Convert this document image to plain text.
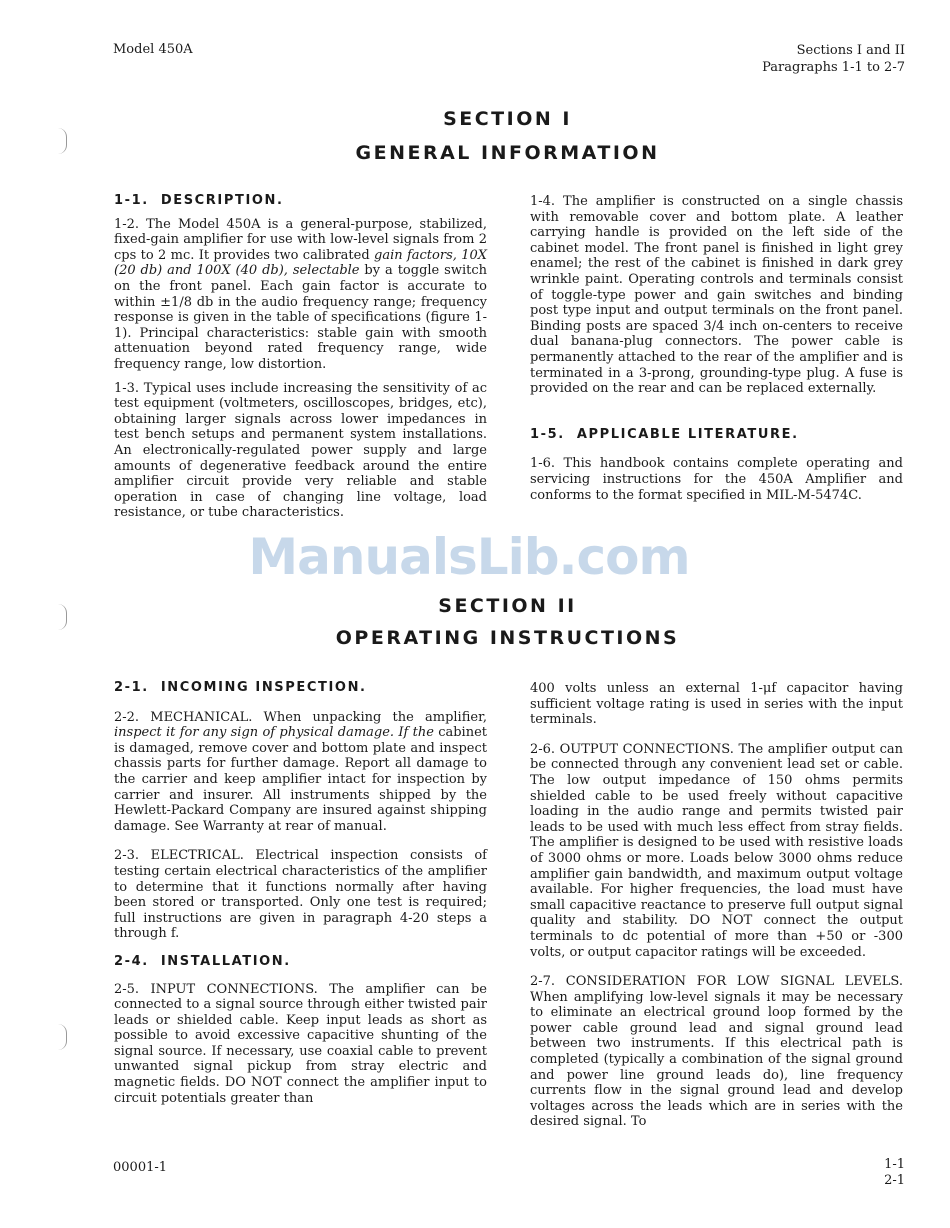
Model 450A	Sections I and II
Paragraphs 1-1 to 2-7
SECTION I
GENERAL INFORMATION
1-1. DESCRIPTION.

1-2. The Model 450A is a general-purpose, stabilized, fixed-gain amplifier for use with low-level signals from 2 cps to 2 mc. It provides two calibrated gain factors, 10X (20 db) and 100X (40 db), selectable by a toggle switch on the front panel. Each gain factor is accurate to within ±1/8 db in the audio frequency range; frequency response is given in the table of specifications (figure 1-1). Principal characteristics: stable gain with smooth attenuation beyond rated frequency range, wide frequency range, low distortion.

1-3. Typical uses include increasing the sensitivity of ac test equipment (voltmeters, oscilloscopes, bridges, etc), obtaining larger signals across lower impedances in test bench setups and permanent system installations. An electronically-regulated power supply and large amounts of degenerative feedback around the entire amplifier circuit provide very reliable and stable operation in case of changing line voltage, load resistance, or tube characteristics.

1-4. The amplifier is constructed on a single chassis with removable cover and bottom plate. A leather carrying handle is provided on the left side of the cabinet model. The front panel is finished in light grey enamel; the rest of the cabinet is finished in dark grey wrinkle paint. Operating controls and terminals consist of toggle-type power and gain switches and binding post type input and output terminals on the front panel. Binding posts are spaced 3/4 inch on-centers to receive dual banana-plug connectors. The power cable is permanently attached to the rear of the amplifier and is terminated in a 3-prong, grounding-type plug. A fuse is provided on the rear and can be replaced externally.

1-5. APPLICABLE LITERATURE.

1-6. This handbook contains complete operating and servicing instructions for the 450A Amplifier and conforms to the format specified in MIL-M-5474C.

ManualsLib.com
SECTION II
OPERATING INSTRUCTIONS
2-1. INCOMING INSPECTION.

2-2. MECHANICAL. When unpacking the amplifier, inspect it for any sign of physical damage. If the cabinet is damaged, remove cover and bottom plate and inspect chassis parts for further damage. Report all damage to the carrier and keep amplifier intact for inspection by carrier and insurer. All instruments shipped by the Hewlett-Packard Company are insured against shipping damage. See Warranty at rear of manual.

2-3. ELECTRICAL. Electrical inspection consists of testing certain electrical characteristics of the amplifier to determine that it functions normally after having been stored or transported. Only one test is required; full instructions are given in paragraph 4-20 steps a through f.

2-4. INSTALLATION.

2-5. INPUT CONNECTIONS. The amplifier can be connected to a signal source through either twisted pair leads or shielded cable. Keep input leads as short as possible to avoid excessive capacitive shunting of the signal source. If necessary, use coaxial cable to prevent unwanted signal pickup from stray electric and magnetic fields. DO NOT connect the amplifier input to circuit potentials greater than

400 volts unless an external 1-μf capacitor having sufficient voltage rating is used in series with the input terminals.

2-6. OUTPUT CONNECTIONS. The amplifier output can be connected through any convenient lead set or cable. The low output impedance of 150 ohms permits shielded cable to be used freely without capacitive loading in the audio range and permits twisted pair leads to be used with much less effect from stray fields. The amplifier is designed to be used with resistive loads of 3000 ohms or more. Loads below 3000 ohms reduce amplifier gain bandwidth, and maximum output voltage available. For higher frequencies, the load must have small capacitive reactance to preserve full output signal quality and stability. DO NOT connect the output terminals to dc potential of more than +50 or -300 volts, or output capacitor ratings will be exceeded.

2-7. CONSIDERATION FOR LOW SIGNAL LEVELS. When amplifying low-level signals it may be necessary to eliminate an electrical ground loop formed by the power cable ground lead and signal ground lead between two instruments. If this electrical path is completed (typically a combination of the signal ground and power line ground leads do), line frequency currents flow in the signal ground lead and develop voltages across the leads which are in series with the desired signal. To

00001-1	1-1
2-1
